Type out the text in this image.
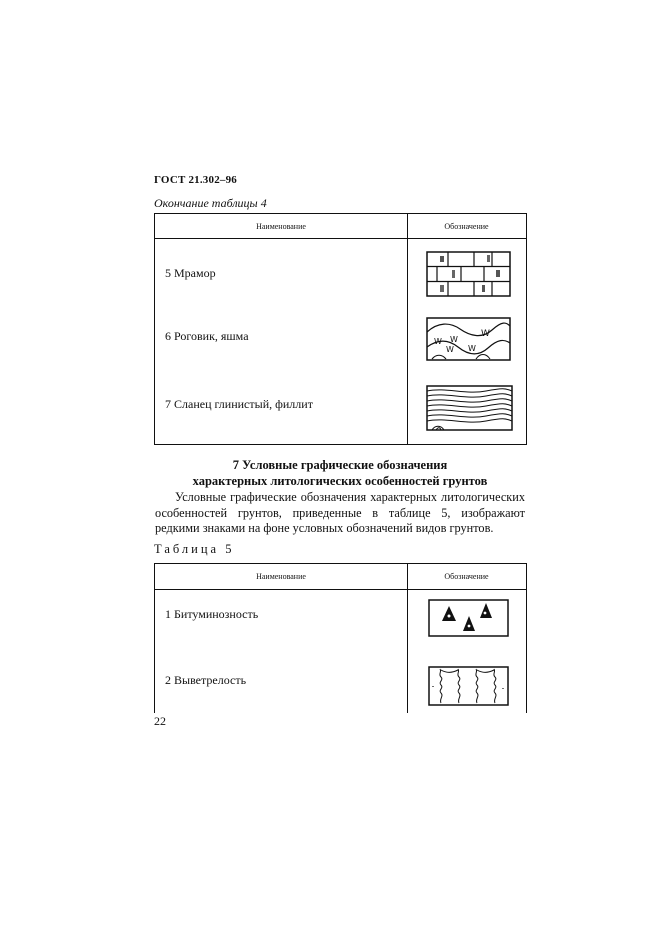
ГОСТ 21.302–96
Окончание таблицы 4
Наименование	Обозначение
5 Мрамор
6 Роговик, яшма
7 Сланец глинистый, филлит
W
W W
W W
7 Условные графические обозначения
характерных литологических особенностей грунтов
Условные графические обозначения характерных литологических особенностей грунтов, приведенные в таблице 5, изображают редкими знаками на фоне условных обозначений видов грунтов.
Таблица 5
Наименование	Обозначение
1 Битуминозность
2 Выветрелость
22
